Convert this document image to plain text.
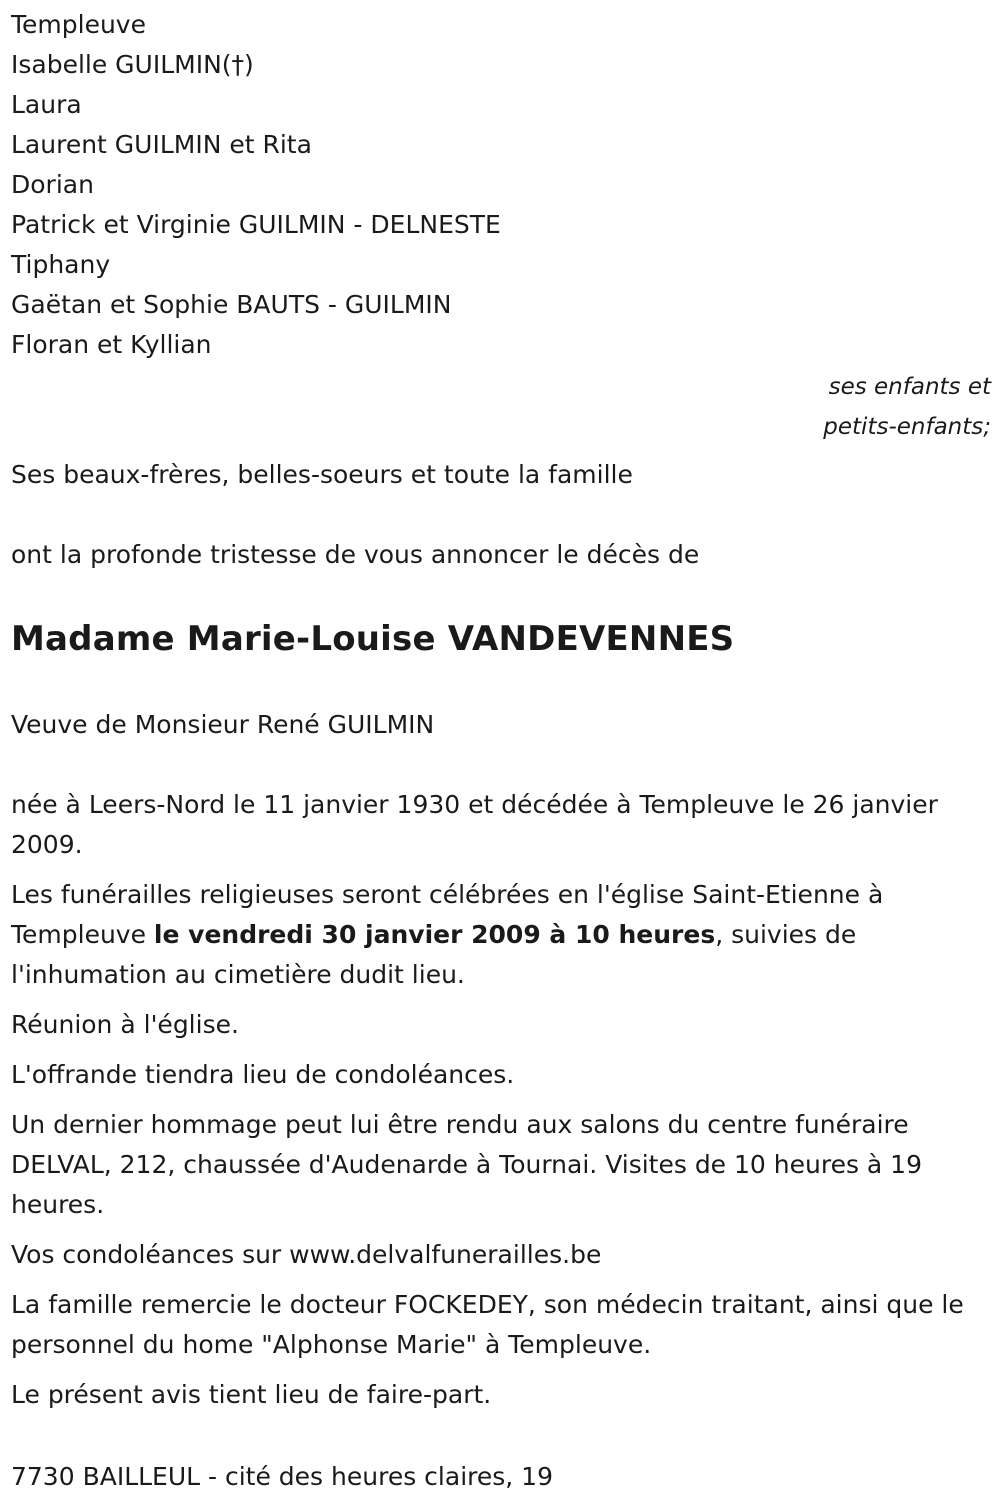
Templeuve
Isabelle GUILMIN(†)
Laura
Laurent GUILMIN et Rita
Dorian
Patrick et Virginie GUILMIN - DELNESTE
Tiphany
Gaëtan et Sophie BAUTS - GUILMIN
Floran et Kyllian
ses enfants et
petits-enfants;

Ses beaux-frères, belles-soeurs et toute la famille

ont la profonde tristesse de vous annoncer le décès de

Madame Marie-Louise VANDEVENNES

Veuve de Monsieur René GUILMIN

née à Leers-Nord le 11 janvier 1930 et décédée à Templeuve le 26 janvier 2009.

Les funérailles religieuses seront célébrées en l'église Saint-Etienne à Templeuve le vendredi 30 janvier 2009 à 10 heures, suivies de l'inhumation au cimetière dudit lieu.

Réunion à l'église.

L'offrande tiendra lieu de condoléances.

Un dernier hommage peut lui être rendu aux salons du centre funéraire DELVAL, 212, chaussée d'Audenarde à Tournai. Visites de 10 heures à 19 heures.

Vos condoléances sur www.delvalfunerailles.be

La famille remercie le docteur FOCKEDEY, son médecin traitant, ainsi que le personnel du home "Alphonse Marie" à Templeuve.

Le présent avis tient lieu de faire-part.

7730 BAILLEUL - cité des heures claires, 19
